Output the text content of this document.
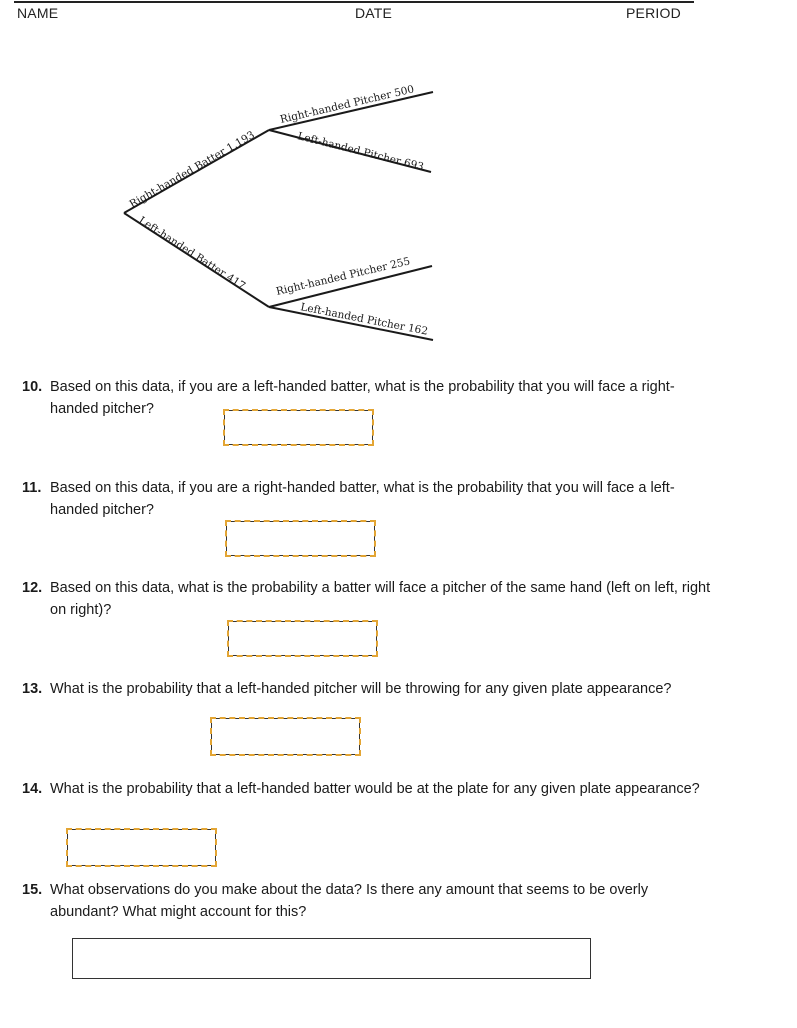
NAME	DATE	PERIOD
Right-handed Batter 1,193
Left-handed Batter 417
Right-handed Pitcher 500
Left-handed Pitcher 693
Right-handed Pitcher 255
Left-handed Pitcher 162
10. Based on this data, if you are a left-handed batter, what is the probability that you will face a right-handed pitcher?
11. Based on this data, if you are a right-handed batter, what is the probability that you will face a left-handed pitcher?
12. Based on this data, what is the probability a batter will face a pitcher of the same hand (left on left, right on right)?
13. What is the probability that a left-handed pitcher will be throwing for any given plate appearance?
14. What is the probability that a left-handed batter would be at the plate for any given plate appearance?
15. What observations do you make about the data? Is there any amount that seems to be overly abundant? What might account for this?
